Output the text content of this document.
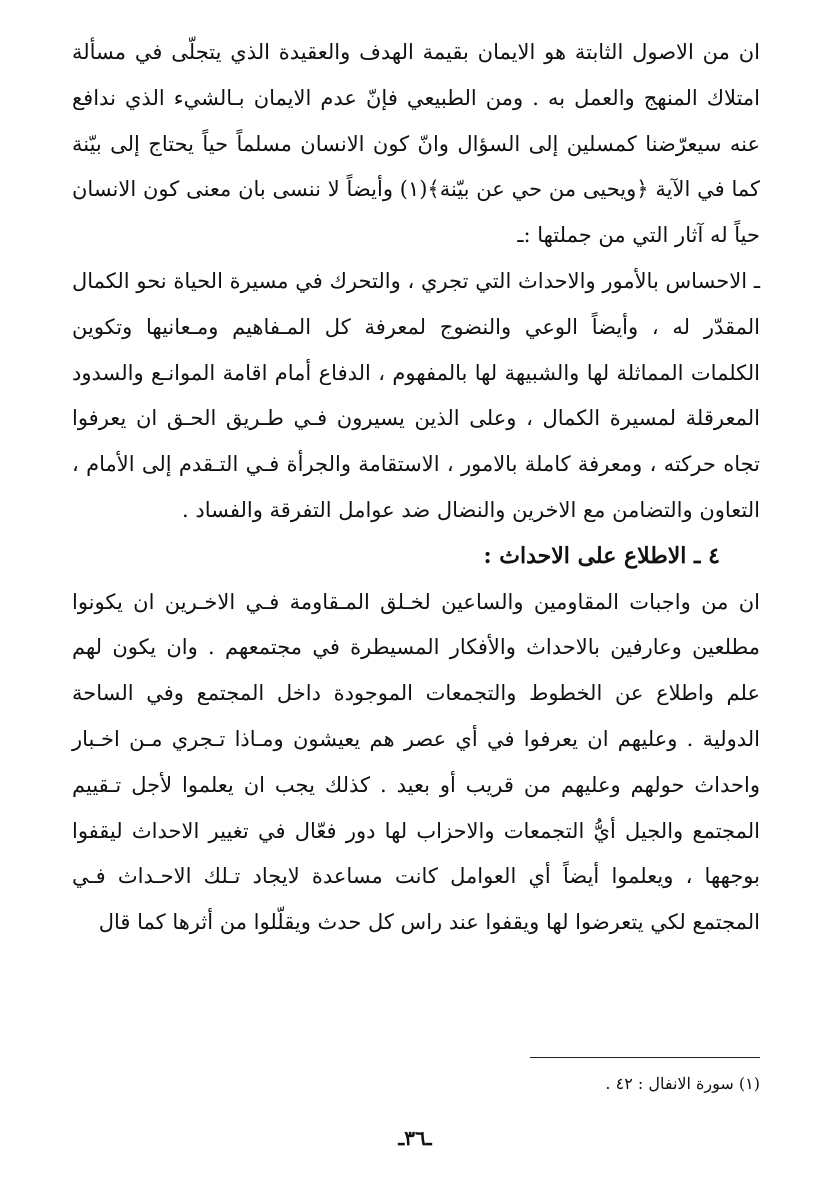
ان من الاصول الثابتة هو الايمان بقيمة الهدف والعقيدة الذي يتجلّى في مسألة امتلاك المنهج والعمل به . ومن الطبيعي فإنّ عدم الايمان بـالشيء الذي ندافع عنه سيعرّضنا كمسلين إلى السؤال وانّ كون الانسان مسلماً حياً يحتاج إلى بيّنة كما في الآية ﴿ويحيى من حي عن بيّنة﴾(١) وأيضاً لا ننسى بان معنى كون الانسان حياً له آثار التي من جملتها :ـ

ـ الاحساس بالأمور والاحداث التي تجري ، والتحرك في مسيرة الحياة نحو الكمال المقدّر له ، وأيضاً الوعي والنضوج لمعرفة كل المـفاهيم ومـعانيها وتكوين الكلمات المماثلة لها والشبيهة لها بالمفهوم ، الدفاع أمام اقامة الموانـع والسدود المعرقلة لمسيرة الكمال ، وعلى الذين يسيرون فـي طـريق الحـق ان يعرفوا تجاه حركته ، ومعرفة كاملة بالامور ، الاستقامة والجرأة فـي التـقدم إلى الأمام ، التعاون والتضامن مع الاخرين والنضال ضد عوامل التفرقة والفساد .

٤ ـ الاطلاع على الاحداث :

ان من واجبات المقاومين والساعين لخـلق المـقاومة فـي الاخـرين ان يكونوا مطلعين وعارفين بالاحداث والأفكار المسيطرة في مجتمعهم . وان يكون لهم علم واطلاع عن الخطوط والتجمعات الموجودة داخل المجتمع وفي الساحة الدولية . وعليهم ان يعرفوا في أي عصر هم يعيشون ومـاذا تـجري مـن اخـبار واحداث حولهم وعليهم من قريب أو بعيد . كذلك يجب ان يعلموا لأجل تـقييم المجتمع والجيل أيُّ التجمعات والاحزاب لها دور فعّال في تغيير الاحداث ليقفوا بوجهها ، ويعلموا أيضاً أي العوامل كانت مساعدة لايجاد تـلك الاحـداث فـي المجتمع لكي يتعرضوا لها ويقفوا عند راس كل حدث ويقلّلوا من أثرها كما قال

(١) سورة الانفال : ٤٢ .
ـ٣٦ـ
